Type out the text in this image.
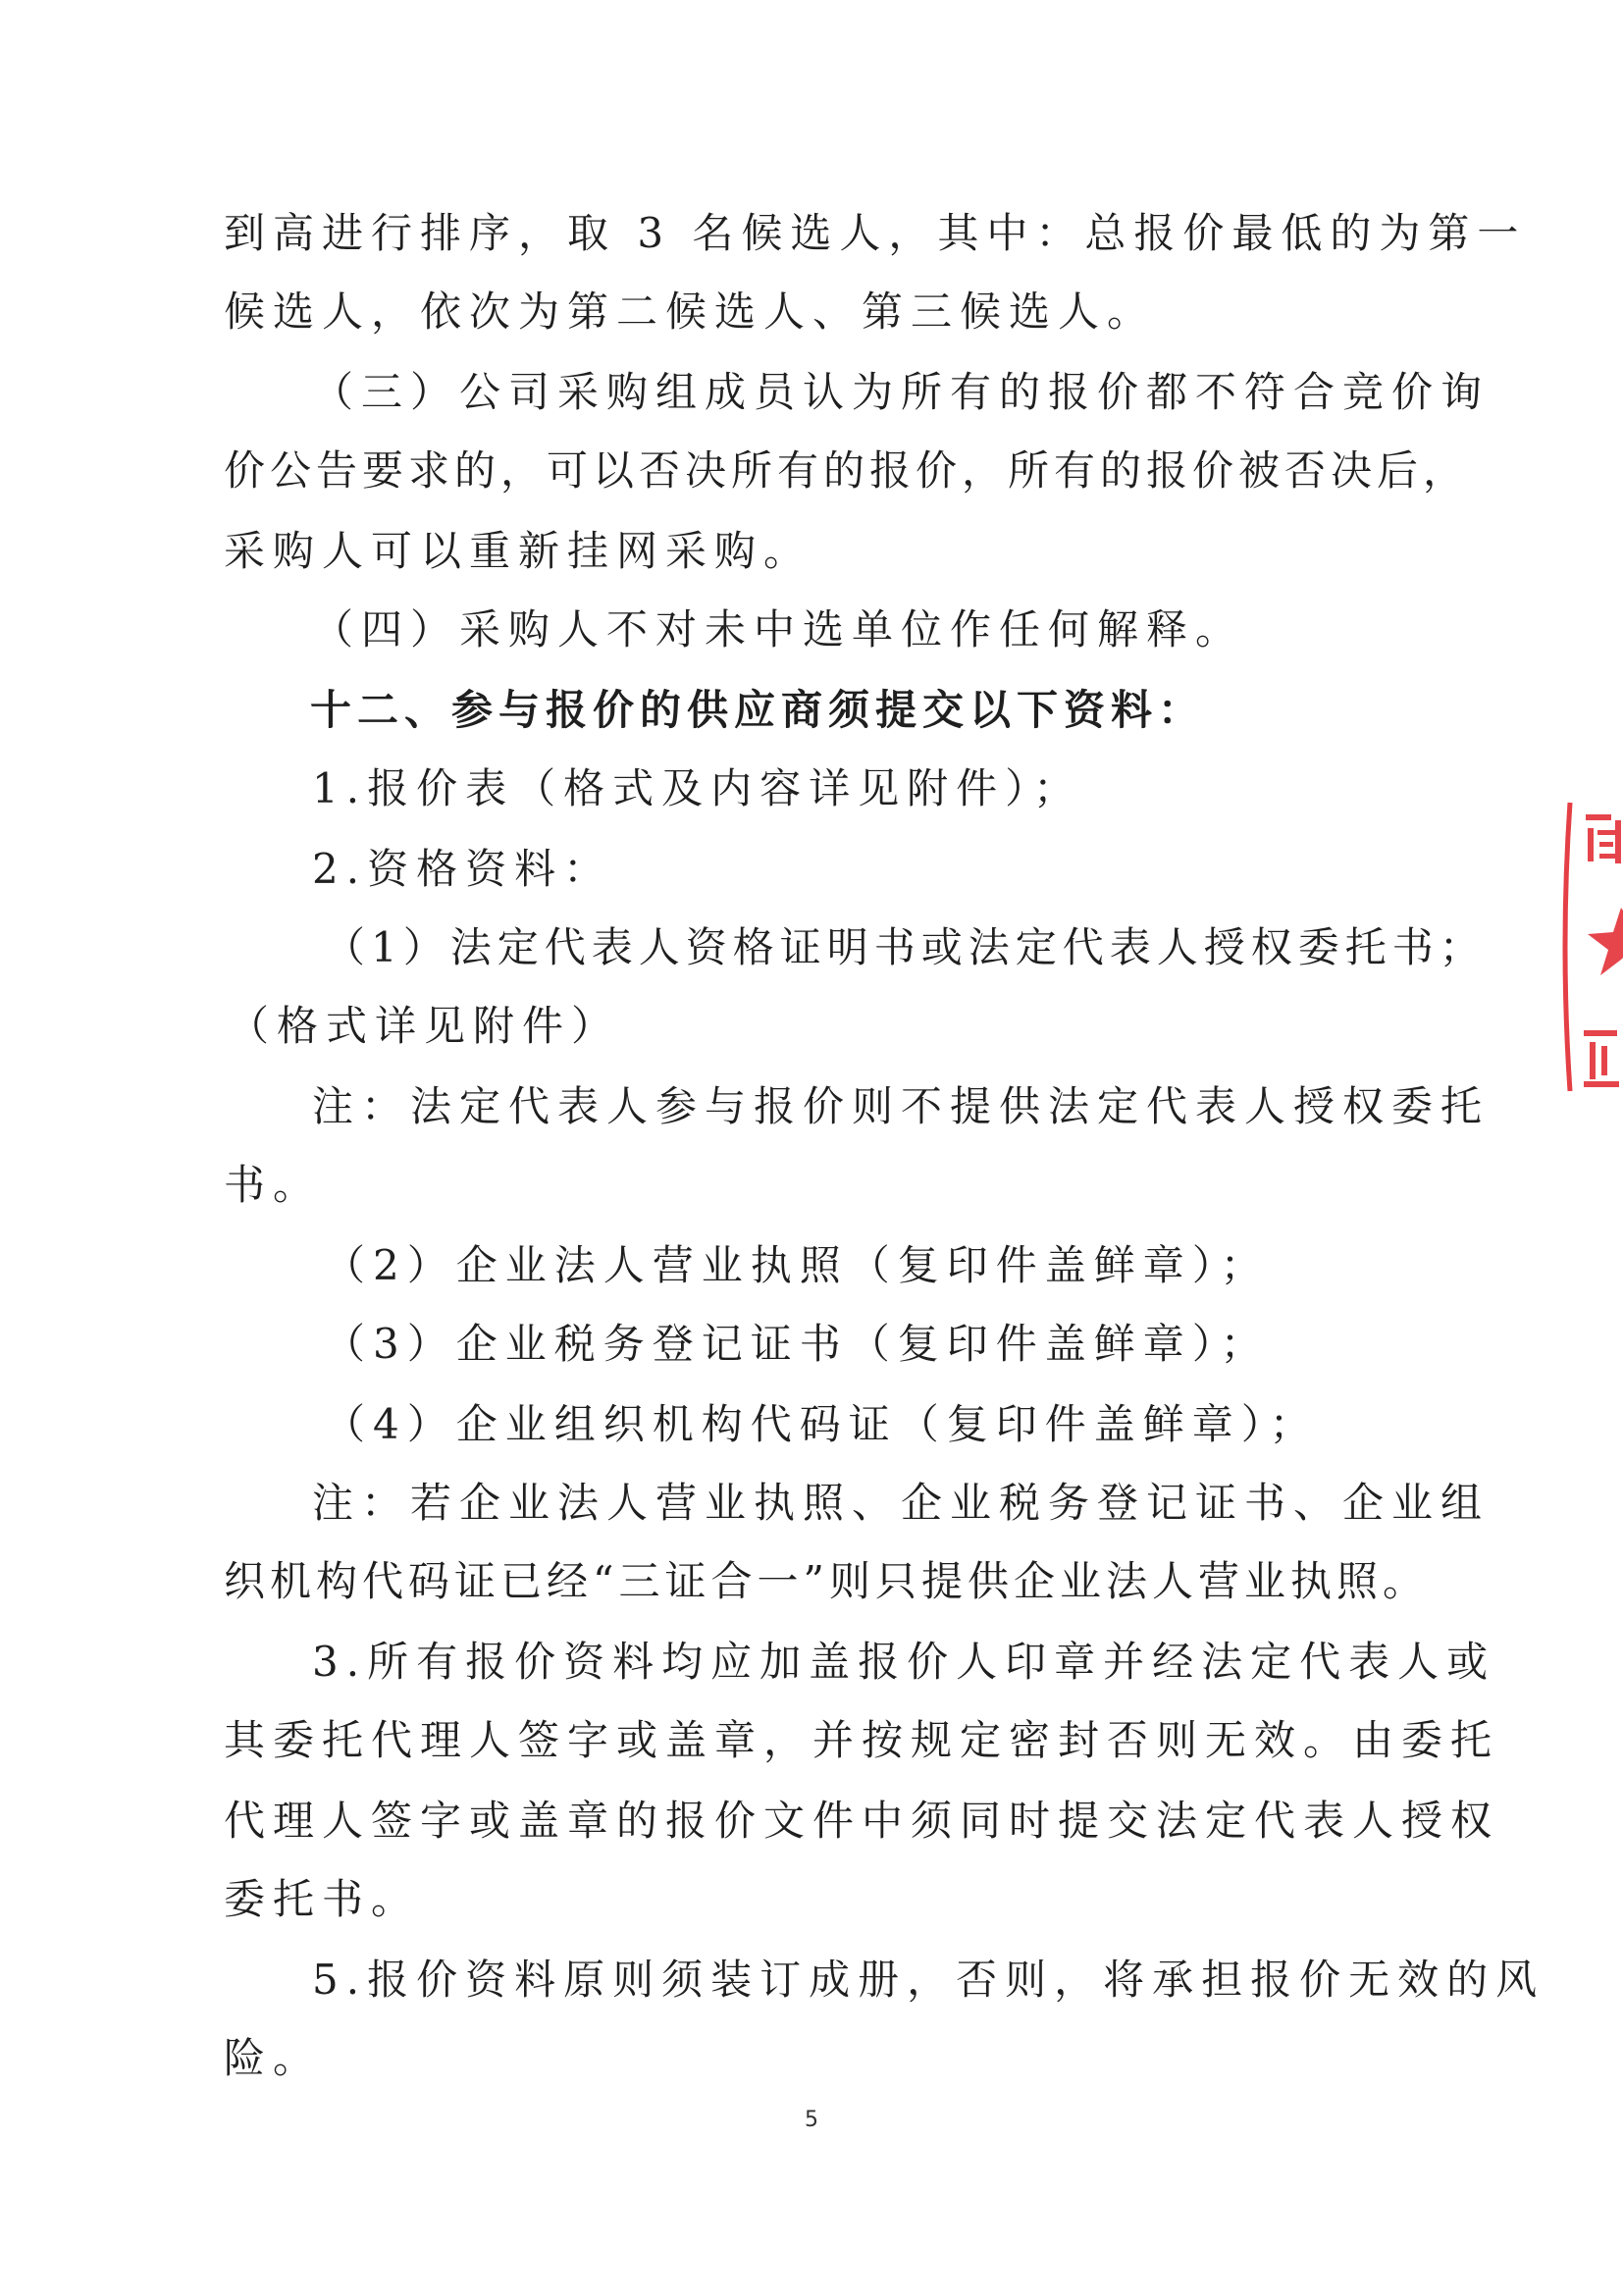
到高进行排序，取 3 名候选人，其中：总报价最低的为第一
候选人，依次为第二候选人、第三候选人。
（三）公司采购组成员认为所有的报价都不符合竞价询
价公告要求的，可以否决所有的报价，所有的报价被否决后，
采购人可以重新挂网采购。
（四）采购人不对未中选单位作任何解释。
十二、参与报价的供应商须提交以下资料：
1.报价表（格式及内容详见附件）；
2.资格资料：
（1）法定代表人资格证明书或法定代表人授权委托书；
（格式详见附件）
注：法定代表人参与报价则不提供法定代表人授权委托
书。
（2）企业法人营业执照（复印件盖鲜章）；
（3）企业税务登记证书（复印件盖鲜章）；
（4）企业组织机构代码证（复印件盖鲜章）；
注：若企业法人营业执照、企业税务登记证书、企业组
织机构代码证已经“三证合一”则只提供企业法人营业执照。
3.所有报价资料均应加盖报价人印章并经法定代表人或
其委托代理人签字或盖章，并按规定密封否则无效。由委托
代理人签字或盖章的报价文件中须同时提交法定代表人授权
委托书。
5.报价资料原则须装订成册，否则，将承担报价无效的风
险。
5
